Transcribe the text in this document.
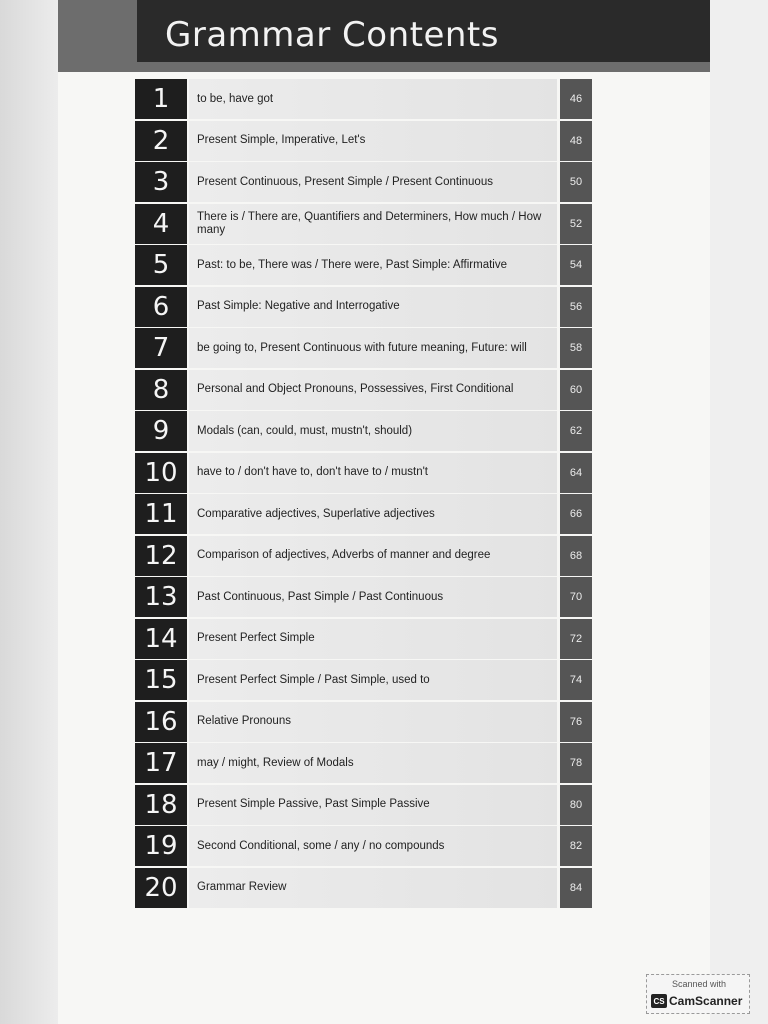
Grammar Contents
1	to be, have got	46
2	Present Simple, Imperative, Let's	48
3	Present Continuous, Present Simple / Present Continuous	50
4	There is / There are, Quantifiers and Determiners, How much / How many	52
5	Past: to be, There was / There were, Past Simple: Affirmative	54
6	Past Simple: Negative and Interrogative	56
7	be going to, Present Continuous with future meaning, Future: will	58
8	Personal and Object Pronouns, Possessives, First Conditional	60
9	Modals (can, could, must, mustn't, should)	62
10	have to / don't have to, don't have to / mustn't	64
11	Comparative adjectives, Superlative adjectives	66
12	Comparison of adjectives, Adverbs of manner and degree	68
13	Past Continuous, Past Simple / Past Continuous	70
14	Present Perfect Simple	72
15	Present Perfect Simple / Past Simple, used to	74
16	Relative Pronouns	76
17	may / might, Review of Modals	78
18	Present Simple Passive, Past Simple Passive	80
19	Second Conditional, some / any / no compounds	82
20	Grammar Review	84
Scanned with
CS CamScanner
